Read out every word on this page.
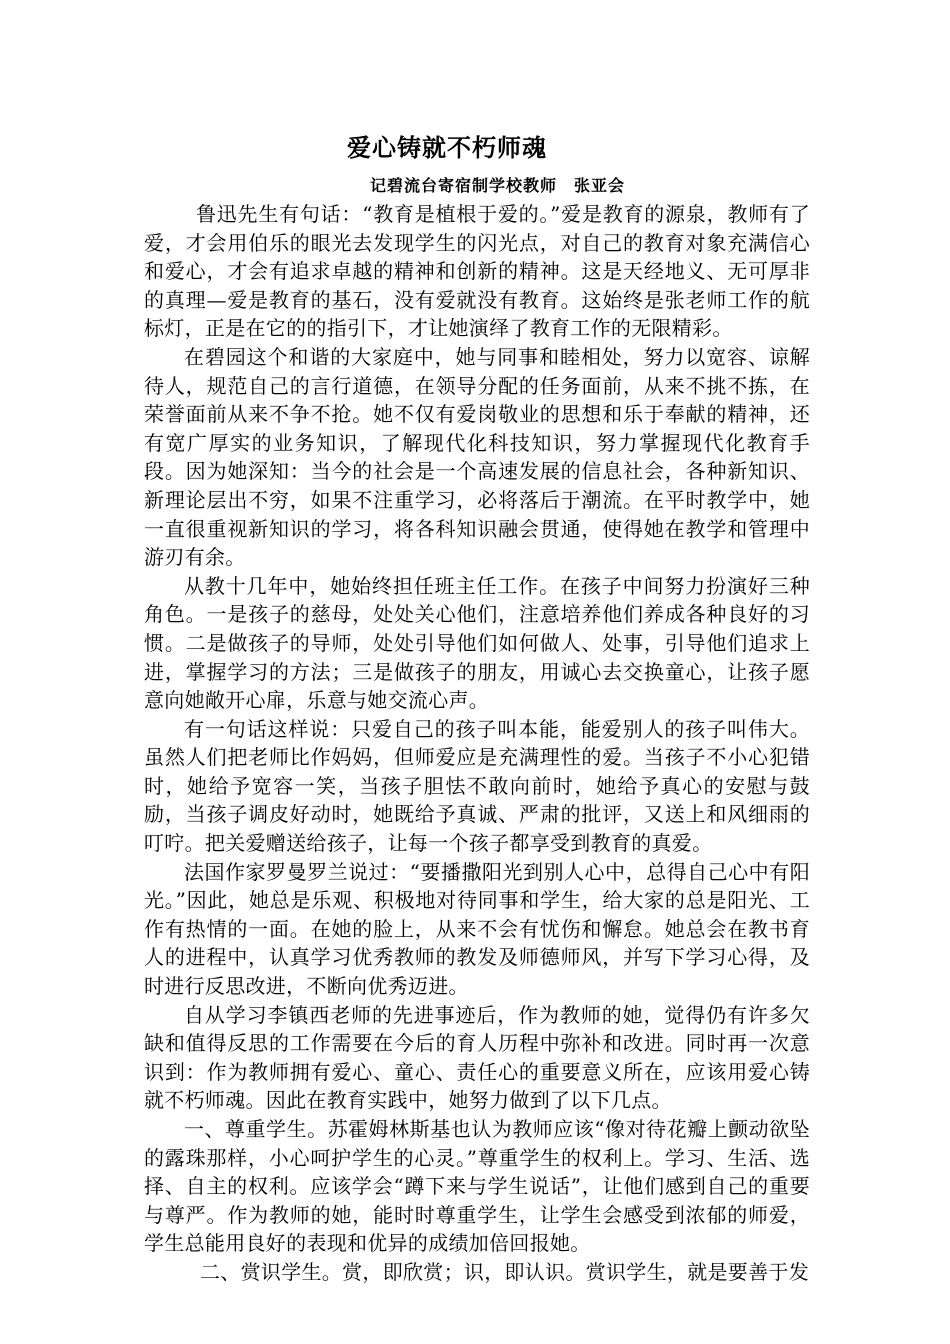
爱心铸就不朽师魂
记碧流台寄宿制学校教师　张亚会

鲁迅先生有句话：“教育是植根于爱的。”爱是教育的源泉，教师有了爱，才会用伯乐的眼光去发现学生的闪光点，对自己的教育对象充满信心和爱心，才会有追求卓越的精神和创新的精神。这是天经地义、无可厚非的真理—爱是教育的基石，没有爱就没有教育。这始终是张老师工作的航标灯，正是在它的的指引下，才让她演绎了教育工作的无限精彩。

在碧园这个和谐的大家庭中，她与同事和睦相处，努力以宽容、谅解待人，规范自己的言行道德，在领导分配的任务面前，从来不挑不拣，在荣誉面前从来不争不抢。她不仅有爱岗敬业的思想和乐于奉献的精神，还有宽广厚实的业务知识，了解现代化科技知识，努力掌握现代化教育手段。因为她深知：当今的社会是一个高速发展的信息社会，各种新知识、新理论层出不穷，如果不注重学习，必将落后于潮流。在平时教学中，她一直很重视新知识的学习，将各科知识融会贯通，使得她在教学和管理中游刃有余。

从教十几年中，她始终担任班主任工作。在孩子中间努力扮演好三种角色。一是孩子的慈母，处处关心他们，注意培养他们养成各种良好的习惯。二是做孩子的导师，处处引导他们如何做人、处事，引导他们追求上进，掌握学习的方法；三是做孩子的朋友，用诚心去交换童心，让孩子愿意向她敞开心扉，乐意与她交流心声。

有一句话这样说：只爱自己的孩子叫本能，能爱别人的孩子叫伟大。虽然人们把老师比作妈妈，但师爱应是充满理性的爱。当孩子不小心犯错时，她给予宽容一笑，当孩子胆怯不敢向前时，她给予真心的安慰与鼓励，当孩子调皮好动时，她既给予真诚、严肃的批评，又送上和风细雨的叮咛。把关爱赠送给孩子，让每一个孩子都享受到教育的真爱。

法国作家罗曼罗兰说过：“要播撒阳光到别人心中，总得自己心中有阳光。”因此，她总是乐观、积极地对待同事和学生，给大家的总是阳光、工作有热情的一面。在她的脸上，从来不会有忧伤和懈怠。她总会在教书育人的进程中，认真学习优秀教师的教发及师德师风，并写下学习心得，及时进行反思改进，不断向优秀迈进。

自从学习李镇西老师的先进事迹后，作为教师的她，觉得仍有许多欠缺和值得反思的工作需要在今后的育人历程中弥补和改进。同时再一次意识到：作为教师拥有爱心、童心、责任心的重要意义所在，应该用爱心铸就不朽师魂。因此在教育实践中，她努力做到了以下几点。

一、尊重学生。苏霍姆林斯基也认为教师应该“像对待花瓣上颤动欲坠的露珠那样，小心呵护学生的心灵。”尊重学生的权利上。学习、生活、选择、自主的权利。应该学会“蹲下来与学生说话”，让他们感到自己的重要与尊严。作为教师的她，能时时尊重学生，让学生会感受到浓郁的师爱，学生总能用良好的表现和优异的成绩加倍回报她。

二、赏识学生。赏，即欣赏；识，即认识。赏识学生，就是要善于发
